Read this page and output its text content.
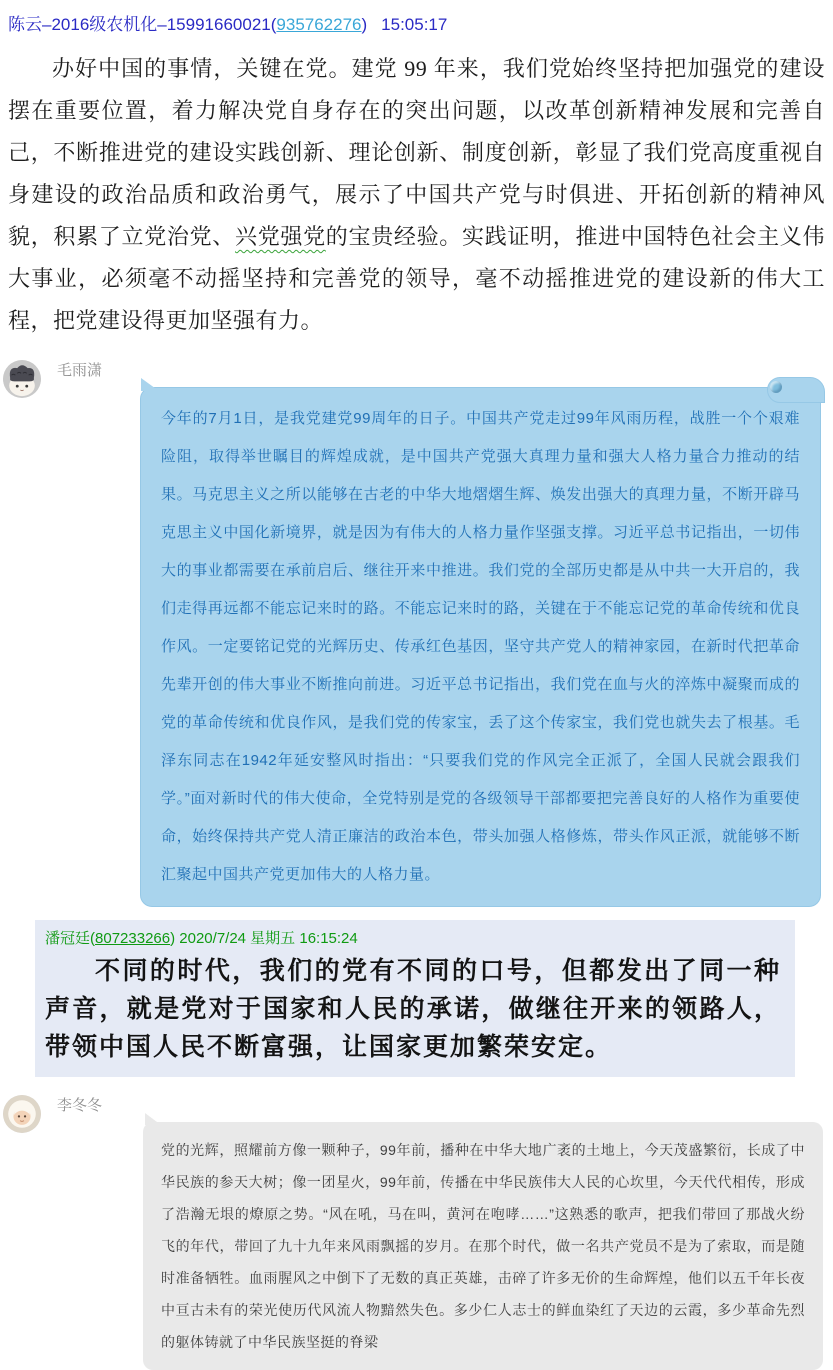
陈云–2016级农机化–15991660021(935762276) 15:05:17
办好中国的事情，关键在党。建党 99 年来，我们党始终坚持把加强党的建设摆在重要位置，着力解决党自身存在的突出问题，以改革创新精神发展和完善自己，不断推进党的建设实践创新、理论创新、制度创新，彰显了我们党高度重视自身建设的政治品质和政治勇气，展示了中国共产党与时俱进、开拓创新的精神风貌，积累了立党治党、兴党强党的宝贵经验。实践证明，推进中国特色社会主义伟大事业，必须毫不动摇坚持和完善党的领导，毫不动摇推进党的建设新的伟大工程，把党建设得更加坚强有力。
毛雨潇
今年的7月1日，是我党建党99周年的日子。中国共产党走过99年风雨历程，战胜一个个艰难险阻，取得举世瞩目的辉煌成就，是中国共产党强大真理力量和强大人格力量合力推动的结果。马克思主义之所以能够在古老的中华大地熠熠生辉、焕发出强大的真理力量，不断开辟马克思主义中国化新境界，就是因为有伟大的人格力量作坚强支撑。习近平总书记指出，一切伟大的事业都需要在承前启后、继往开来中推进。我们党的全部历史都是从中共一大开启的，我们走得再远都不能忘记来时的路。不能忘记来时的路，关键在于不能忘记党的革命传统和优良作风。一定要铭记党的光辉历史、传承红色基因，坚守共产党人的精神家园，在新时代把革命先辈开创的伟大事业不断推向前进。习近平总书记指出，我们党在血与火的淬炼中凝聚而成的党的革命传统和优良作风，是我们党的传家宝，丢了这个传家宝，我们党也就失去了根基。毛泽东同志在1942年延安整风时指出：“只要我们党的作风完全正派了，全国人民就会跟我们学。”面对新时代的伟大使命，全党特别是党的各级领导干部都要把完善良好的人格作为重要使命，始终保持共产党人清正廉洁的政治本色，带头加强人格修炼，带头作风正派，就能够不断汇聚起中国共产党更加伟大的人格力量。
潘冠廷(807233266) 2020/7/24 星期五 16:15:24
不同的时代，我们的党有不同的口号，但都发出了同一种声音，就是党对于国家和人民的承诺，做继往开来的领路人，带领中国人民不断富强，让国家更加繁荣安定。
李冬冬
党的光辉，照耀前方像一颗种子，99年前，播种在中华大地广袤的土地上，今天茂盛繁衍，长成了中华民族的参天大树；像一团星火，99年前，传播在中华民族伟大人民的心坎里，今天代代相传，形成了浩瀚无垠的燎原之势。“风在吼，马在叫，黄河在咆哮……”这熟悉的歌声，把我们带回了那战火纷飞的年代，带回了九十九年来风雨飘摇的岁月。在那个时代，做一名共产党员不是为了索取，而是随时准备牺牲。血雨腥风之中倒下了无数的真正英雄，击碎了许多无价的生命辉煌，他们以五千年长夜中亘古未有的荣光使历代风流人物黯然失色。多少仁人志士的鲜血染红了天边的云霞，多少革命先烈的躯体铸就了中华民族坚挺的脊梁
